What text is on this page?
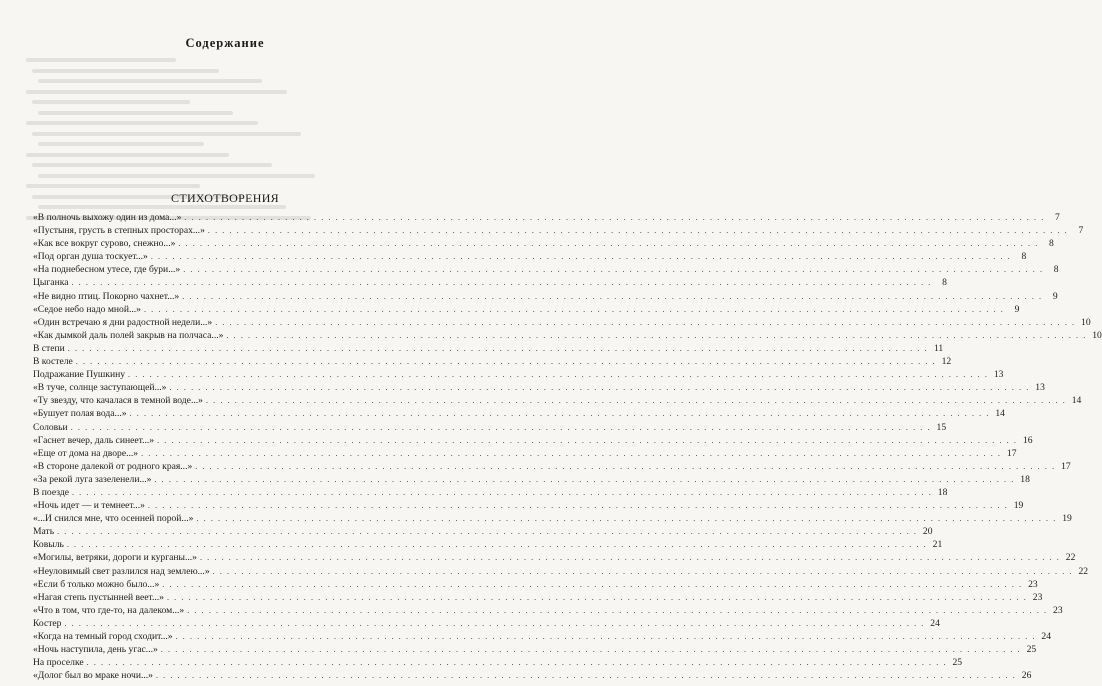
Содержание
СТИХОТВОРЕНИЯ
«В полночь выхожу один из дома...» . . . . . . . . . . . . . . . . . . . . . . . . . . . . . . . . . . . . . . . . . . . . . . . . . . . . . . . . . . . . . . . . . . . . . . . . . . . . . . . . . . . . . . . . . . . . . . . . . . . . . . . . . . . . . . . . . . . . . . . .	7
«Пустыня, грусть в степных просторах...» . . . . . . . . . . . . . . . . . . . . . . . . . . . . . . . . . . . . . . . . . . . . . . . . . . . . . . . . . . . . . . . . . . . . . . . . . . . . . . . . . . . . . . . . . . . . . . . . . . . . . . . . . . . . . . . . . . . . . . . .	7
«Как все вокруг сурово, снежно...» . . . . . . . . . . . . . . . . . . . . . . . . . . . . . . . . . . . . . . . . . . . . . . . . . . . . . . . . . . . . . . . . . . . . . . . . . . . . . . . . . . . . . . . . . . . . . . . . . . . . . . . . . . . . . . . . . . . . . . . .	8
«Под орган душа тоскует...» . . . . . . . . . . . . . . . . . . . . . . . . . . . . . . . . . . . . . . . . . . . . . . . . . . . . . . . . . . . . . . . . . . . . . . . . . . . . . . . . . . . . . . . . . . . . . . . . . . . . . . . . . . . . . . . . . . . . . . . .	8
«На поднебесном утесе, где бури...» . . . . . . . . . . . . . . . . . . . . . . . . . . . . . . . . . . . . . . . . . . . . . . . . . . . . . . . . . . . . . . . . . . . . . . . . . . . . . . . . . . . . . . . . . . . . . . . . . . . . . . . . . . . . . . . . . . . . . . . .	8
Цыганка . . . . . . . . . . . . . . . . . . . . . . . . . . . . . . . . . . . . . . . . . . . . . . . . . . . . . . . . . . . . . . . . . . . . . . . . . . . . . . . . . . . . . . . . . . . . . . . . . . . . . . . . . . . . . . . . . . . . . . . .	8
«Не видно птиц. Покорно чахнет...» . . . . . . . . . . . . . . . . . . . . . . . . . . . . . . . . . . . . . . . . . . . . . . . . . . . . . . . . . . . . . . . . . . . . . . . . . . . . . . . . . . . . . . . . . . . . . . . . . . . . . . . . . . . . . . . . . . . . . . . .	9
«Седое небо надо мной...» . . . . . . . . . . . . . . . . . . . . . . . . . . . . . . . . . . . . . . . . . . . . . . . . . . . . . . . . . . . . . . . . . . . . . . . . . . . . . . . . . . . . . . . . . . . . . . . . . . . . . . . . . . . . . . . . . . . . . . . .	9
«Один встречаю я дни радостной недели...» . . . . . . . . . . . . . . . . . . . . . . . . . . . . . . . . . . . . . . . . . . . . . . . . . . . . . . . . . . . . . . . . . . . . . . . . . . . . . . . . . . . . . . . . . . . . . . . . . . . . . . . . . . . . . . . . . . . . . . . . 10
«Как дымкой даль полей закрыв на полчаса...» . . . . . . . . . . . . . . . . . . . . . . . . . . . . . . . . . . . . . . . . . . . . . . . . . . . . . . . . . . . . . . . . . . . . . . . . . . . . . . . . . . . . . . . . . . . . . . . . . . . . . . . . . . . . . . . . . . . . . . . . 10
В степи . . . . . . . . . . . . . . . . . . . . . . . . . . . . . . . . . . . . . . . . . . . . . . . . . . . . . . . . . . . . . . . . . . . . . . . . . . . . . . . . . . . . . . . . . . . . . . . . . . . . . . . . . . . . . . . . . . . . . . . . 11
В костеле . . . . . . . . . . . . . . . . . . . . . . . . . . . . . . . . . . . . . . . . . . . . . . . . . . . . . . . . . . . . . . . . . . . . . . . . . . . . . . . . . . . . . . . . . . . . . . . . . . . . . . . . . . . . . . . . . . . . . . . . 12
Подражание Пушкину . . . . . . . . . . . . . . . . . . . . . . . . . . . . . . . . . . . . . . . . . . . . . . . . . . . . . . . . . . . . . . . . . . . . . . . . . . . . . . . . . . . . . . . . . . . . . . . . . . . . . . . . . . . . . . . . . . . . . . . . 13
«В туче, солнце заступающей...» . . . . . . . . . . . . . . . . . . . . . . . . . . . . . . . . . . . . . . . . . . . . . . . . . . . . . . . . . . . . . . . . . . . . . . . . . . . . . . . . . . . . . . . . . . . . . . . . . . . . . . . . . . . . . . . . . . . . . . . . 13
«Ту звезду, что качалася в темной воде...» . . . . . . . . . . . . . . . . . . . . . . . . . . . . . . . . . . . . . . . . . . . . . . . . . . . . . . . . . . . . . . . . . . . . . . . . . . . . . . . . . . . . . . . . . . . . . . . . . . . . . . . . . . . . . . . . . . . . . . . . 14
«Бушует полая вода...» . . . . . . . . . . . . . . . . . . . . . . . . . . . . . . . . . . . . . . . . . . . . . . . . . . . . . . . . . . . . . . . . . . . . . . . . . . . . . . . . . . . . . . . . . . . . . . . . . . . . . . . . . . . . . . . . . . . . . . . . 14
Соловьи . . . . . . . . . . . . . . . . . . . . . . . . . . . . . . . . . . . . . . . . . . . . . . . . . . . . . . . . . . . . . . . . . . . . . . . . . . . . . . . . . . . . . . . . . . . . . . . . . . . . . . . . . . . . . . . . . . . . . . . . 15
«Гаснет вечер, даль синеет...» . . . . . . . . . . . . . . . . . . . . . . . . . . . . . . . . . . . . . . . . . . . . . . . . . . . . . . . . . . . . . . . . . . . . . . . . . . . . . . . . . . . . . . . . . . . . . . . . . . . . . . . . . . . . . . . . . . . . . . . . 16
«Еще от дома на дворе...» . . . . . . . . . . . . . . . . . . . . . . . . . . . . . . . . . . . . . . . . . . . . . . . . . . . . . . . . . . . . . . . . . . . . . . . . . . . . . . . . . . . . . . . . . . . . . . . . . . . . . . . . . . . . . . . . . . . . . . . . 17
«В стороне далекой от родного края...» . . . . . . . . . . . . . . . . . . . . . . . . . . . . . . . . . . . . . . . . . . . . . . . . . . . . . . . . . . . . . . . . . . . . . . . . . . . . . . . . . . . . . . . . . . . . . . . . . . . . . . . . . . . . . . . . . . . . . . . . 17
«За рекой луга зазеленели...» . . . . . . . . . . . . . . . . . . . . . . . . . . . . . . . . . . . . . . . . . . . . . . . . . . . . . . . . . . . . . . . . . . . . . . . . . . . . . . . . . . . . . . . . . . . . . . . . . . . . . . . . . . . . . . . . . . . . . . . . 18
В поезде . . . . . . . . . . . . . . . . . . . . . . . . . . . . . . . . . . . . . . . . . . . . . . . . . . . . . . . . . . . . . . . . . . . . . . . . . . . . . . . . . . . . . . . . . . . . . . . . . . . . . . . . . . . . . . . . . . . . . . . . 18
«Ночь идет — и темнеет...» . . . . . . . . . . . . . . . . . . . . . . . . . . . . . . . . . . . . . . . . . . . . . . . . . . . . . . . . . . . . . . . . . . . . . . . . . . . . . . . . . . . . . . . . . . . . . . . . . . . . . . . . . . . . . . . . . . . . . . . . 19
«...И снился мне, что осенней порой...» . . . . . . . . . . . . . . . . . . . . . . . . . . . . . . . . . . . . . . . . . . . . . . . . . . . . . . . . . . . . . . . . . . . . . . . . . . . . . . . . . . . . . . . . . . . . . . . . . . . . . . . . . . . . . . . . . . . . . . . . 19
Мать . . . . . . . . . . . . . . . . . . . . . . . . . . . . . . . . . . . . . . . . . . . . . . . . . . . . . . . . . . . . . . . . . . . . . . . . . . . . . . . . . . . . . . . . . . . . . . . . . . . . . . . . . . . . . . . . . . . . . . . . 20
Ковыль . . . . . . . . . . . . . . . . . . . . . . . . . . . . . . . . . . . . . . . . . . . . . . . . . . . . . . . . . . . . . . . . . . . . . . . . . . . . . . . . . . . . . . . . . . . . . . . . . . . . . . . . . . . . . . . . . . . . . . . . 21
«Могилы, ветряки, дороги и курганы...» . . . . . . . . . . . . . . . . . . . . . . . . . . . . . . . . . . . . . . . . . . . . . . . . . . . . . . . . . . . . . . . . . . . . . . . . . . . . . . . . . . . . . . . . . . . . . . . . . . . . . . . . . . . . . . . . . . . . . . . . 22
«Неуловимый свет разлился над землею...» . . . . . . . . . . . . . . . . . . . . . . . . . . . . . . . . . . . . . . . . . . . . . . . . . . . . . . . . . . . . . . . . . . . . . . . . . . . . . . . . . . . . . . . . . . . . . . . . . . . . . . . . . . . . . . . . . . . . . . . . 22
«Если б только можно было...» . . . . . . . . . . . . . . . . . . . . . . . . . . . . . . . . . . . . . . . . . . . . . . . . . . . . . . . . . . . . . . . . . . . . . . . . . . . . . . . . . . . . . . . . . . . . . . . . . . . . . . . . . . . . . . . . . . . . . . . . 23
«Нагая степь пустынней веет...» . . . . . . . . . . . . . . . . . . . . . . . . . . . . . . . . . . . . . . . . . . . . . . . . . . . . . . . . . . . . . . . . . . . . . . . . . . . . . . . . . . . . . . . . . . . . . . . . . . . . . . . . . . . . . . . . . . . . . . . . 23
«Что в том, что где-то, на далеком...» . . . . . . . . . . . . . . . . . . . . . . . . . . . . . . . . . . . . . . . . . . . . . . . . . . . . . . . . . . . . . . . . . . . . . . . . . . . . . . . . . . . . . . . . . . . . . . . . . . . . . . . . . . . . . . . . . . . . . . . . 23
Костер . . . . . . . . . . . . . . . . . . . . . . . . . . . . . . . . . . . . . . . . . . . . . . . . . . . . . . . . . . . . . . . . . . . . . . . . . . . . . . . . . . . . . . . . . . . . . . . . . . . . . . . . . . . . . . . . . . . . . . . . 24
«Когда на темный город сходит...» . . . . . . . . . . . . . . . . . . . . . . . . . . . . . . . . . . . . . . . . . . . . . . . . . . . . . . . . . . . . . . . . . . . . . . . . . . . . . . . . . . . . . . . . . . . . . . . . . . . . . . . . . . . . . . . . . . . . . . . . 24
«Ночь наступила, день угас...» . . . . . . . . . . . . . . . . . . . . . . . . . . . . . . . . . . . . . . . . . . . . . . . . . . . . . . . . . . . . . . . . . . . . . . . . . . . . . . . . . . . . . . . . . . . . . . . . . . . . . . . . . . . . . . . . . . . . . . . . 25
На проселке . . . . . . . . . . . . . . . . . . . . . . . . . . . . . . . . . . . . . . . . . . . . . . . . . . . . . . . . . . . . . . . . . . . . . . . . . . . . . . . . . . . . . . . . . . . . . . . . . . . . . . . . . . . . . . . . . . . . . . . . 25
«Долог был во мраке ночи...» . . . . . . . . . . . . . . . . . . . . . . . . . . . . . . . . . . . . . . . . . . . . . . . . . . . . . . . . . . . . . . . . . . . . . . . . . . . . . . . . . . . . . . . . . . . . . . . . . . . . . . . . . . . . . . . . . . . . . . . . 26
